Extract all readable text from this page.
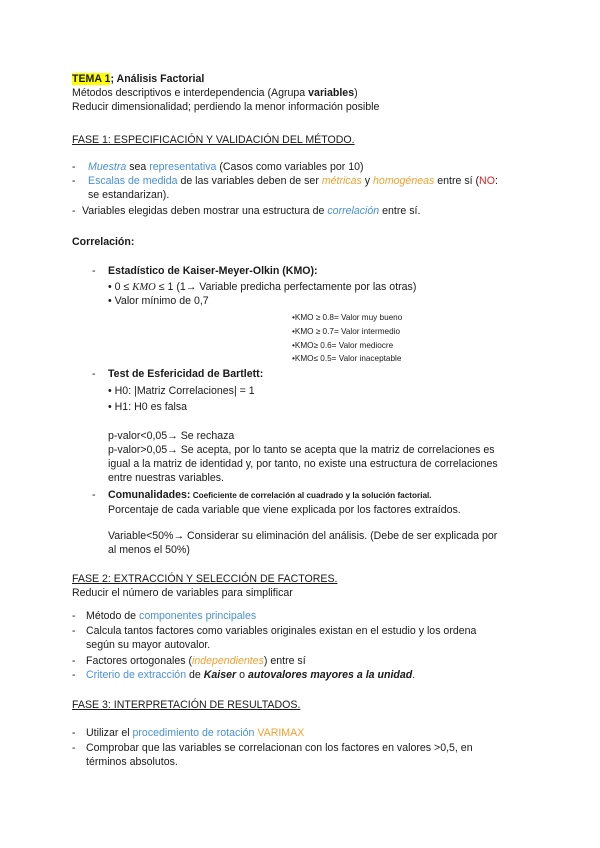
TEMA 1; Análisis Factorial
Métodos descriptivos e interdependencia (Agrupa variables)
Reducir dimensionalidad; perdiendo la menor información posible
FASE 1: ESPECIFICACIÓN Y VALIDACIÓN DEL MÉTODO.
- Muestra sea representativa (Casos como variables por 10)
- Escalas de medida de las variables deben de ser métricas y homogéneas entre sí (NO:
se estandarizan).
- Variables elegidas deben mostrar una estructura de correlación entre sí.
Correlación:
- Estadístico de Kaiser-Meyer-Olkin (KMO):
• 0 ≤ KMO ≤ 1 (1→ Variable predicha perfectamente por las otras)
• Valor mínimo de 0,7
•KMO ≥ 0.8= Valor muy bueno
•KMO ≥ 0.7= Valor intermedio
•KMO≥ 0.6= Valor mediocre
•KMO≤ 0.5= Valor inaceptable
- Test de Esfericidad de Bartlett:
• H0: |Matriz Correlaciones| = 1
• H1: H0 es falsa
p-valor<0,05→ Se rechaza
p-valor>0,05→ Se acepta, por lo tanto se acepta que la matriz de correlaciones es
igual a la matriz de identidad y, por tanto, no existe una estructura de correlaciones
entre nuestras variables.
- Comunalidades: Coeficiente de correlación al cuadrado y la solución factorial.
Porcentaje de cada variable que viene explicada por los factores extraídos.
Variable<50%→ Considerar su eliminación del análisis. (Debe de ser explicada por
al menos el 50%)
FASE 2: EXTRACCIÓN Y SELECCIÓN DE FACTORES.
Reducir el número de variables para simplificar
- Método de componentes principales
- Calcula tantos factores como variables originales existan en el estudio y los ordena
según su mayor autovalor.
- Factores ortogonales (independientes) entre sí
- Criterio de extracción de Kaiser o autovalores mayores a la unidad.
FASE 3: INTERPRETACIÓN DE RESULTADOS.
- Utilizar el procedimiento de rotación VARIMAX
- Comprobar que las variables se correlacionan con los factores en valores >0,5, en
términos absolutos.
